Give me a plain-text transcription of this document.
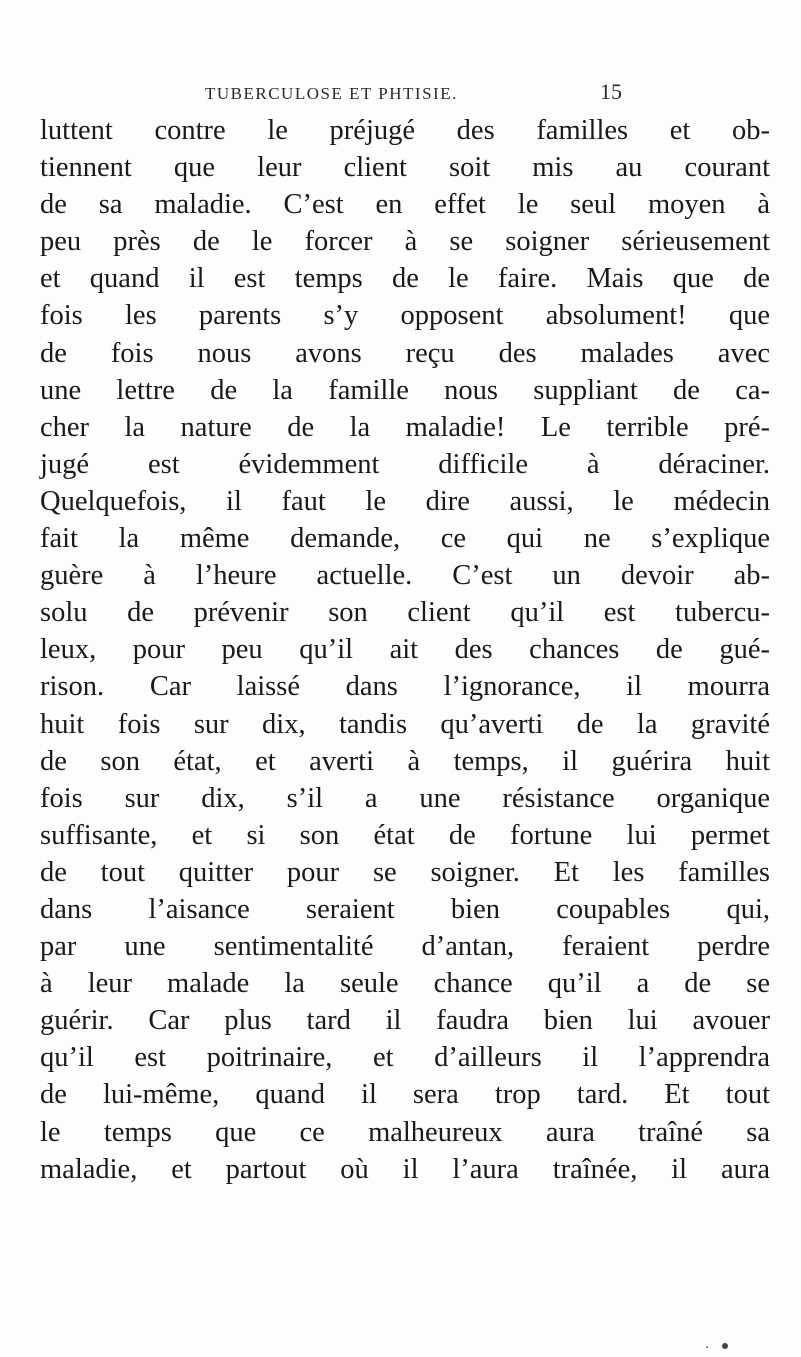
TUBERCULOSE ET PHTISIE.	15
luttent contre le préjugé des familles et ob-
tiennent que leur client soit mis au courant
de sa maladie. C’est en effet le seul moyen à
peu près de le forcer à se soigner sérieusement
et quand il est temps de le faire. Mais que de
fois les parents s’y opposent absolument! que
de fois nous avons reçu des malades avec
une lettre de la famille nous suppliant de ca-
cher la nature de la maladie! Le terrible pré-
jugé est évidemment difficile à déraciner.
Quelquefois, il faut le dire aussi, le médecin
fait la même demande, ce qui ne s’explique
guère à l’heure actuelle. C’est un devoir ab-
solu de prévenir son client qu’il est tubercu-
leux, pour peu qu’il ait des chances de gué-
rison. Car laissé dans l’ignorance, il mourra
huit fois sur dix, tandis qu’averti de la gravité
de son état, et averti à temps, il guérira huit
fois sur dix, s’il a une résistance organique
suffisante, et si son état de fortune lui permet
de tout quitter pour se soigner. Et les familles
dans l’aisance seraient bien coupables qui,
par une sentimentalité d’antan, feraient perdre
à leur malade la seule chance qu’il a de se
guérir. Car plus tard il faudra bien lui avouer
qu’il est poitrinaire, et d’ailleurs il l’apprendra
de lui-même, quand il sera trop tard. Et tout
le temps que ce malheureux aura traîné sa
maladie, et partout où il l’aura traînée, il aura
